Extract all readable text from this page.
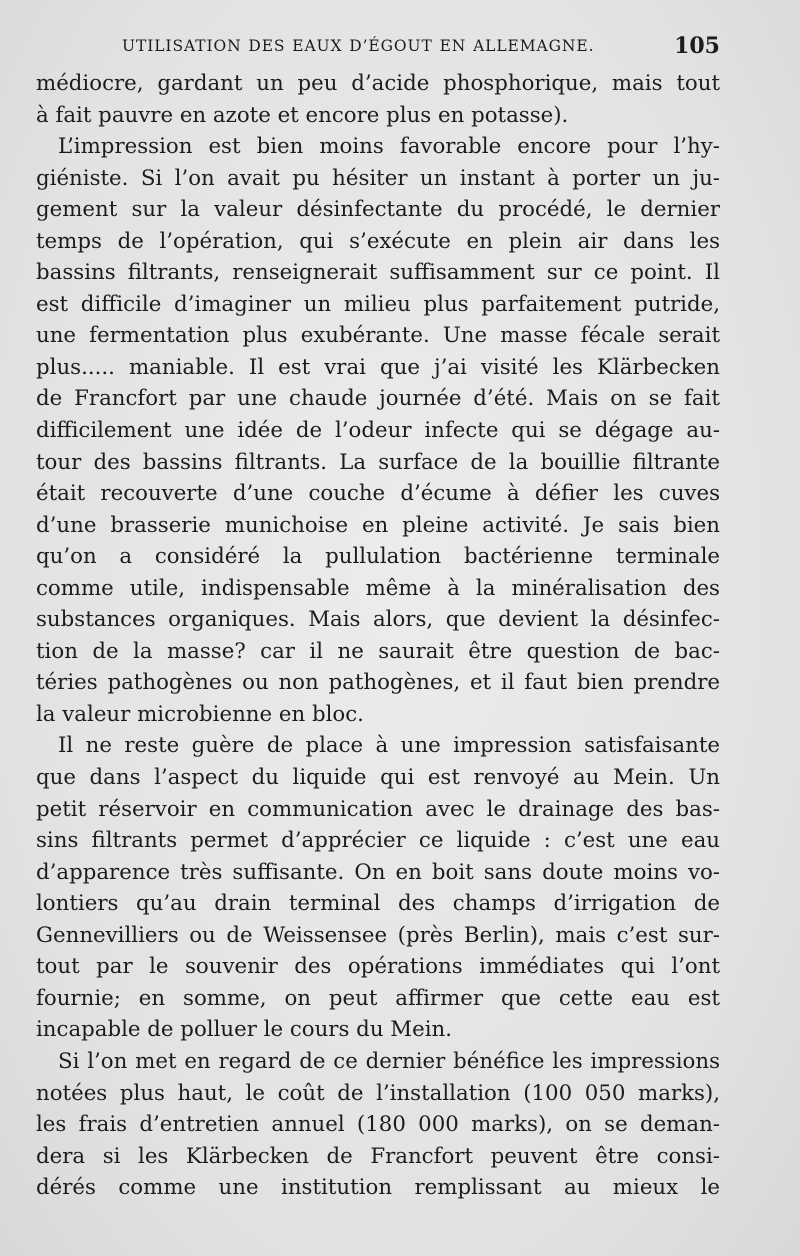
UTILISATION DES EAUX D’ÉGOUT EN ALLEMAGNE.	105
médiocre, gardant un peu d’acide phosphorique, mais tout
à fait pauvre en azote et encore plus en potasse).
L’impression est bien moins favorable encore pour l’hy-
giéniste. Si l’on avait pu hésiter un instant à porter un ju-
gement sur la valeur désinfectante du procédé, le dernier
temps de l’opération, qui s’exécute en plein air dans les
bassins filtrants, renseignerait suffisamment sur ce point. Il
est difficile d’imaginer un milieu plus parfaitement putride,
une fermentation plus exubérante. Une masse fécale serait
plus..... maniable. Il est vrai que j’ai visité les Klärbecken
de Francfort par une chaude journée d’été. Mais on se fait
difficilement une idée de l’odeur infecte qui se dégage au-
tour des bassins filtrants. La surface de la bouillie filtrante
était recouverte d’une couche d’écume à défier les cuves
d’une brasserie munichoise en pleine activité. Je sais bien
qu’on a considéré la pullulation bactérienne terminale
comme utile, indispensable même à la minéralisation des
substances organiques. Mais alors, que devient la désinfec-
tion de la masse? car il ne saurait être question de bac-
téries pathogènes ou non pathogènes, et il faut bien prendre
la valeur microbienne en bloc.
Il ne reste guère de place à une impression satisfaisante
que dans l’aspect du liquide qui est renvoyé au Mein. Un
petit réservoir en communication avec le drainage des bas-
sins filtrants permet d’apprécier ce liquide : c’est une eau
d’apparence très suffisante. On en boit sans doute moins vo-
lontiers qu’au drain terminal des champs d’irrigation de
Gennevilliers ou de Weissensee (près Berlin), mais c’est sur-
tout par le souvenir des opérations immédiates qui l’ont
fournie; en somme, on peut affirmer que cette eau est
incapable de polluer le cours du Mein.
Si l’on met en regard de ce dernier bénéfice les impressions
notées plus haut, le coût de l’installation (100 050 marks),
les frais d’entretien annuel (180 000 marks), on se deman-
dera si les Klärbecken de Francfort peuvent être consi-
dérés comme une institution remplissant au mieux le
